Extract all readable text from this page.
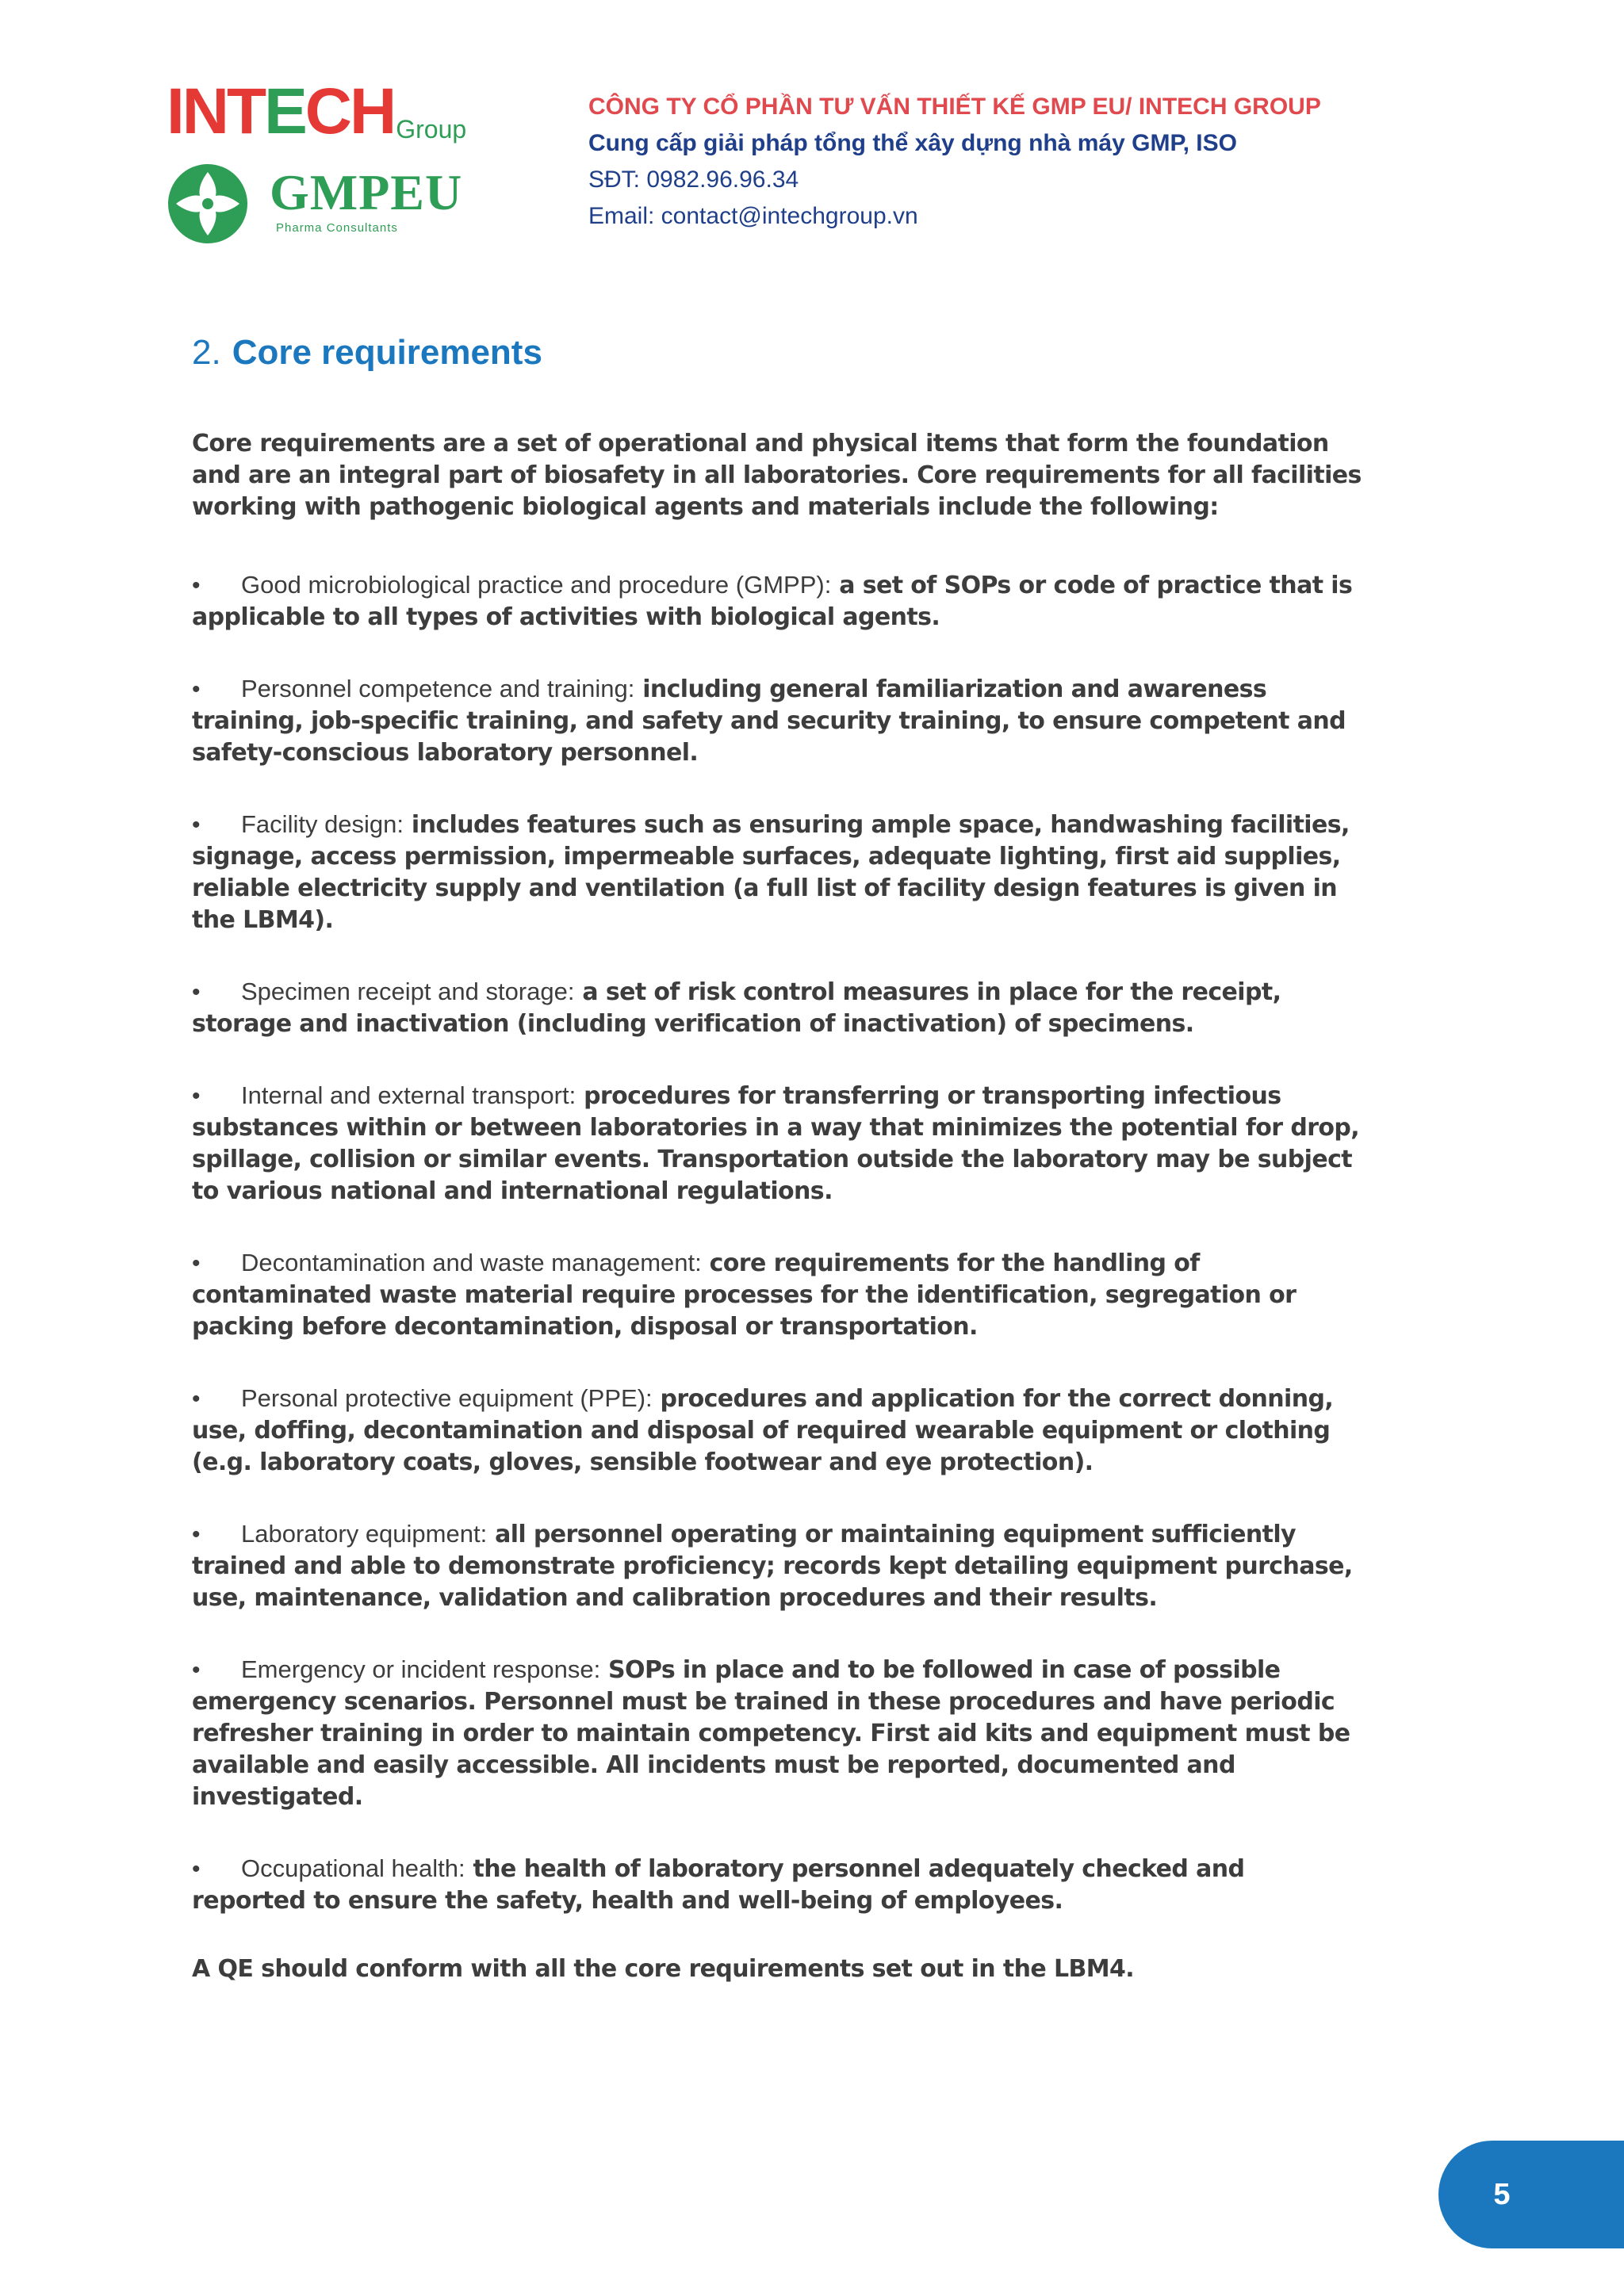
INTECHGroup
GMPEU
Pharma Consultants
CÔNG TY CỔ PHẦN TƯ VẤN THIẾT KẾ GMP EU/ INTECH GROUP
Cung cấp giải pháp tổng thể xây dựng nhà máy GMP, ISO
SĐT: 0982.96.96.34
Email: contact@intechgroup.vn
2. Core requirements

Core requirements are a set of operational and physical items that form the foundation and are an integral part of biosafety in all laboratories. Core requirements for all facilities working with pathogenic biological agents and materials include the following:

• Good microbiological practice and procedure (GMPP): a set of SOPs or code of practice that is applicable to all types of activities with biological agents.

• Personnel competence and training: including general familiarization and awareness training, job-specific training, and safety and security training, to ensure competent and safety-conscious laboratory personnel.

• Facility design: includes features such as ensuring ample space, handwashing facilities, signage, access permission, impermeable surfaces, adequate lighting, first aid supplies, reliable electricity supply and ventilation (a full list of facility design features is given in the LBM4).

• Specimen receipt and storage: a set of risk control measures in place for the receipt, storage and inactivation (including verification of inactivation) of specimens.

• Internal and external transport: procedures for transferring or transporting infectious substances within or between laboratories in a way that minimizes the potential for drop, spillage, collision or similar events. Transportation outside the laboratory may be subject to various national and international regulations.

• Decontamination and waste management: core requirements for the handling of contaminated waste material require processes for the identification, segregation or packing before decontamination, disposal or transportation.

• Personal protective equipment (PPE): procedures and application for the correct donning, use, doffing, decontamination and disposal of required wearable equipment or clothing (e.g. laboratory coats, gloves, sensible footwear and eye protection).

• Laboratory equipment: all personnel operating or maintaining equipment sufficiently trained and able to demonstrate proficiency; records kept detailing equipment purchase, use, maintenance, validation and calibration procedures and their results.

• Emergency or incident response: SOPs in place and to be followed in case of possible emergency scenarios. Personnel must be trained in these procedures and have periodic refresher training in order to maintain competency. First aid kits and equipment must be available and easily accessible. All incidents must be reported, documented and investigated.

• Occupational health: the health of laboratory personnel adequately checked and reported to ensure the safety, health and well-being of employees.

A QE should conform with all the core requirements set out in the LBM4.

5
